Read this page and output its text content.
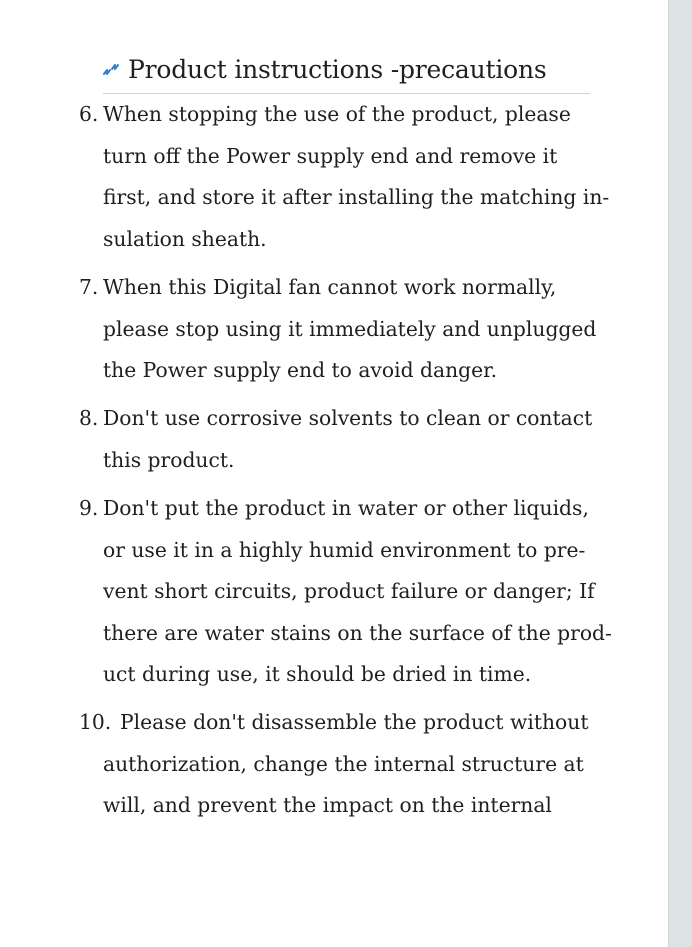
Product instructions -precautions
6. When stopping the use of the product, please
turn off the Power supply end and remove it
first, and store it after installing the matching in-
sulation sheath.
7. When this Digital fan cannot work normally,
please stop using it immediately and unplugged
the Power supply end to avoid danger.
8. Don't use corrosive solvents to clean or contact
this product.
9. Don't put the product in water or other liquids,
or use it in a highly humid environment to pre-
vent short circuits, product failure or danger; If
there are water stains on the surface of the prod-
uct during use, it should be dried in time.
10. Please don't disassemble the product without
authorization, change the internal structure at
will, and prevent the impact on the internal
